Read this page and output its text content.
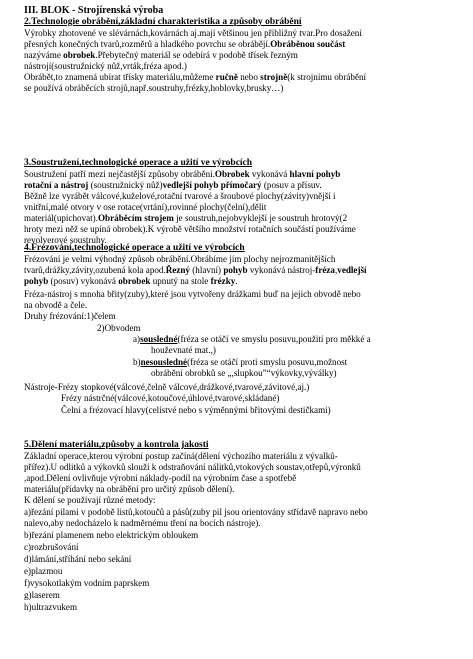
III. BLOK - Strojírenská výroba
2.Technologie obrábění,základní charakteristika a způsoby obrábění
Výrobky zhotovené ve slévárnách,kovárnách aj.mají většinou jen přibližný tvar.Pro dosažení
přesných konečných tvarů,rozměrů a hladkého povrchu se obrábějí.Obráběnou součást
nazýváme obrobek.Přebytečný materiál se odebírá v podobě třísek řezným
nástrojí(soustružnický nůž,vrták,fréza apod.)
Obrábět,to znamená ubírat třísky materiálu,můžeme ručně nebo strojně(k strojnímu obrábění
se používá obráběcích strojů,např.soustruhy,frézky,hoblovky,brusky…)
3.Soustružení,technologické operace a užití ve výrobcích
Soustružení patří mezi nejčastější způsoby obrábění.Obrobek vykonává hlavní pohyb
rotační a nástroj (soustružnický nůž)vedlejší pohyb přímočarý (posuv a přísuv.
Běžně lze vyrábět válcové,kuželové,rotační tvarové a šroubové plochy(závity)vnější i
vnitřní,malé otvory v ose rotace(vrtání),rovinné plochy(čelní),dělit
materiál(upichovat).Obráběcím strojem je soustruh,nejobvyklejší je soustruh hrotový(2
hroty mezi něž se upíná obrobek).K výrobě většího množství rotačních součástí používáme
revolverové soustruhy.
4.Frézování,technologické operace a užití ve výrobcích
Frézování je velmi výhodný způsob obrábění.Obrábíme jím plochy nejrozmanitějších
tvarů,drážky,závity,ozubená kola apod.Řezný (hlavní) pohyb vykonává nástroj-fréza,vedlejší
pohyb (posuv) vykonává obrobek upnutý na stole frézky.
Fréza-nástroj s mnoha břity(zuby),které jsou vytvořeny drážkami buď na jejich obvodě nebo
na obvodě a čele.
Druhy frézování:1)čelem
2)Obvodem
a)sousledné(fréza se otáčí ve smyslu posuvu,použití pro měkké a
houževnaté mat.,)
b)nesousledné(fréza se otáčí proti smyslu posuvu,možnost
obrábění obrobků se „,slupkou”“výkovky,výválky)
Nástroje-Frézy stopkové(válcové,čelně válcové,drážkové,tvarové,závitové,aj.)
Frézy nástrčné(válcové,kotoučové,úhlové,tvarové,skládané)
Čelní a frézovací hlavy(celistvé nebo s výměnnými břitovými destičkami)
5.Dělení materiálu,způsoby a kontrola jakosti
Základní operace,kterou výrobní postup začíná(dělení výchozího materiálu z vývalků-
přířez).U odlitků a výkovků slouží k odstraňování nálitků,vtokových soustav,otřepů,výronků
,apod.Dělení ovlivňuje výrobní náklady-podíl na výrobním čase a spotřebě
materiálu(přídavky na obrábění pro určitý způsob dělení).
K dělení se používají různé metody:
a)řezání pilami v podobě listů,kotoučů a pásů(zuby pil jsou orientovány střídavě napravo nebo
nalevo,aby nedocházelo k nadměrnému tření na bocích nástroje).
b)řezání plamenem nebo elektrickým obloukem
c)rozbrušování
d)lámání,stříhání nebo sekání
e)plazmou
f)vysokotlakým vodním paprskem
g)laserem
h)ultrazvukem
